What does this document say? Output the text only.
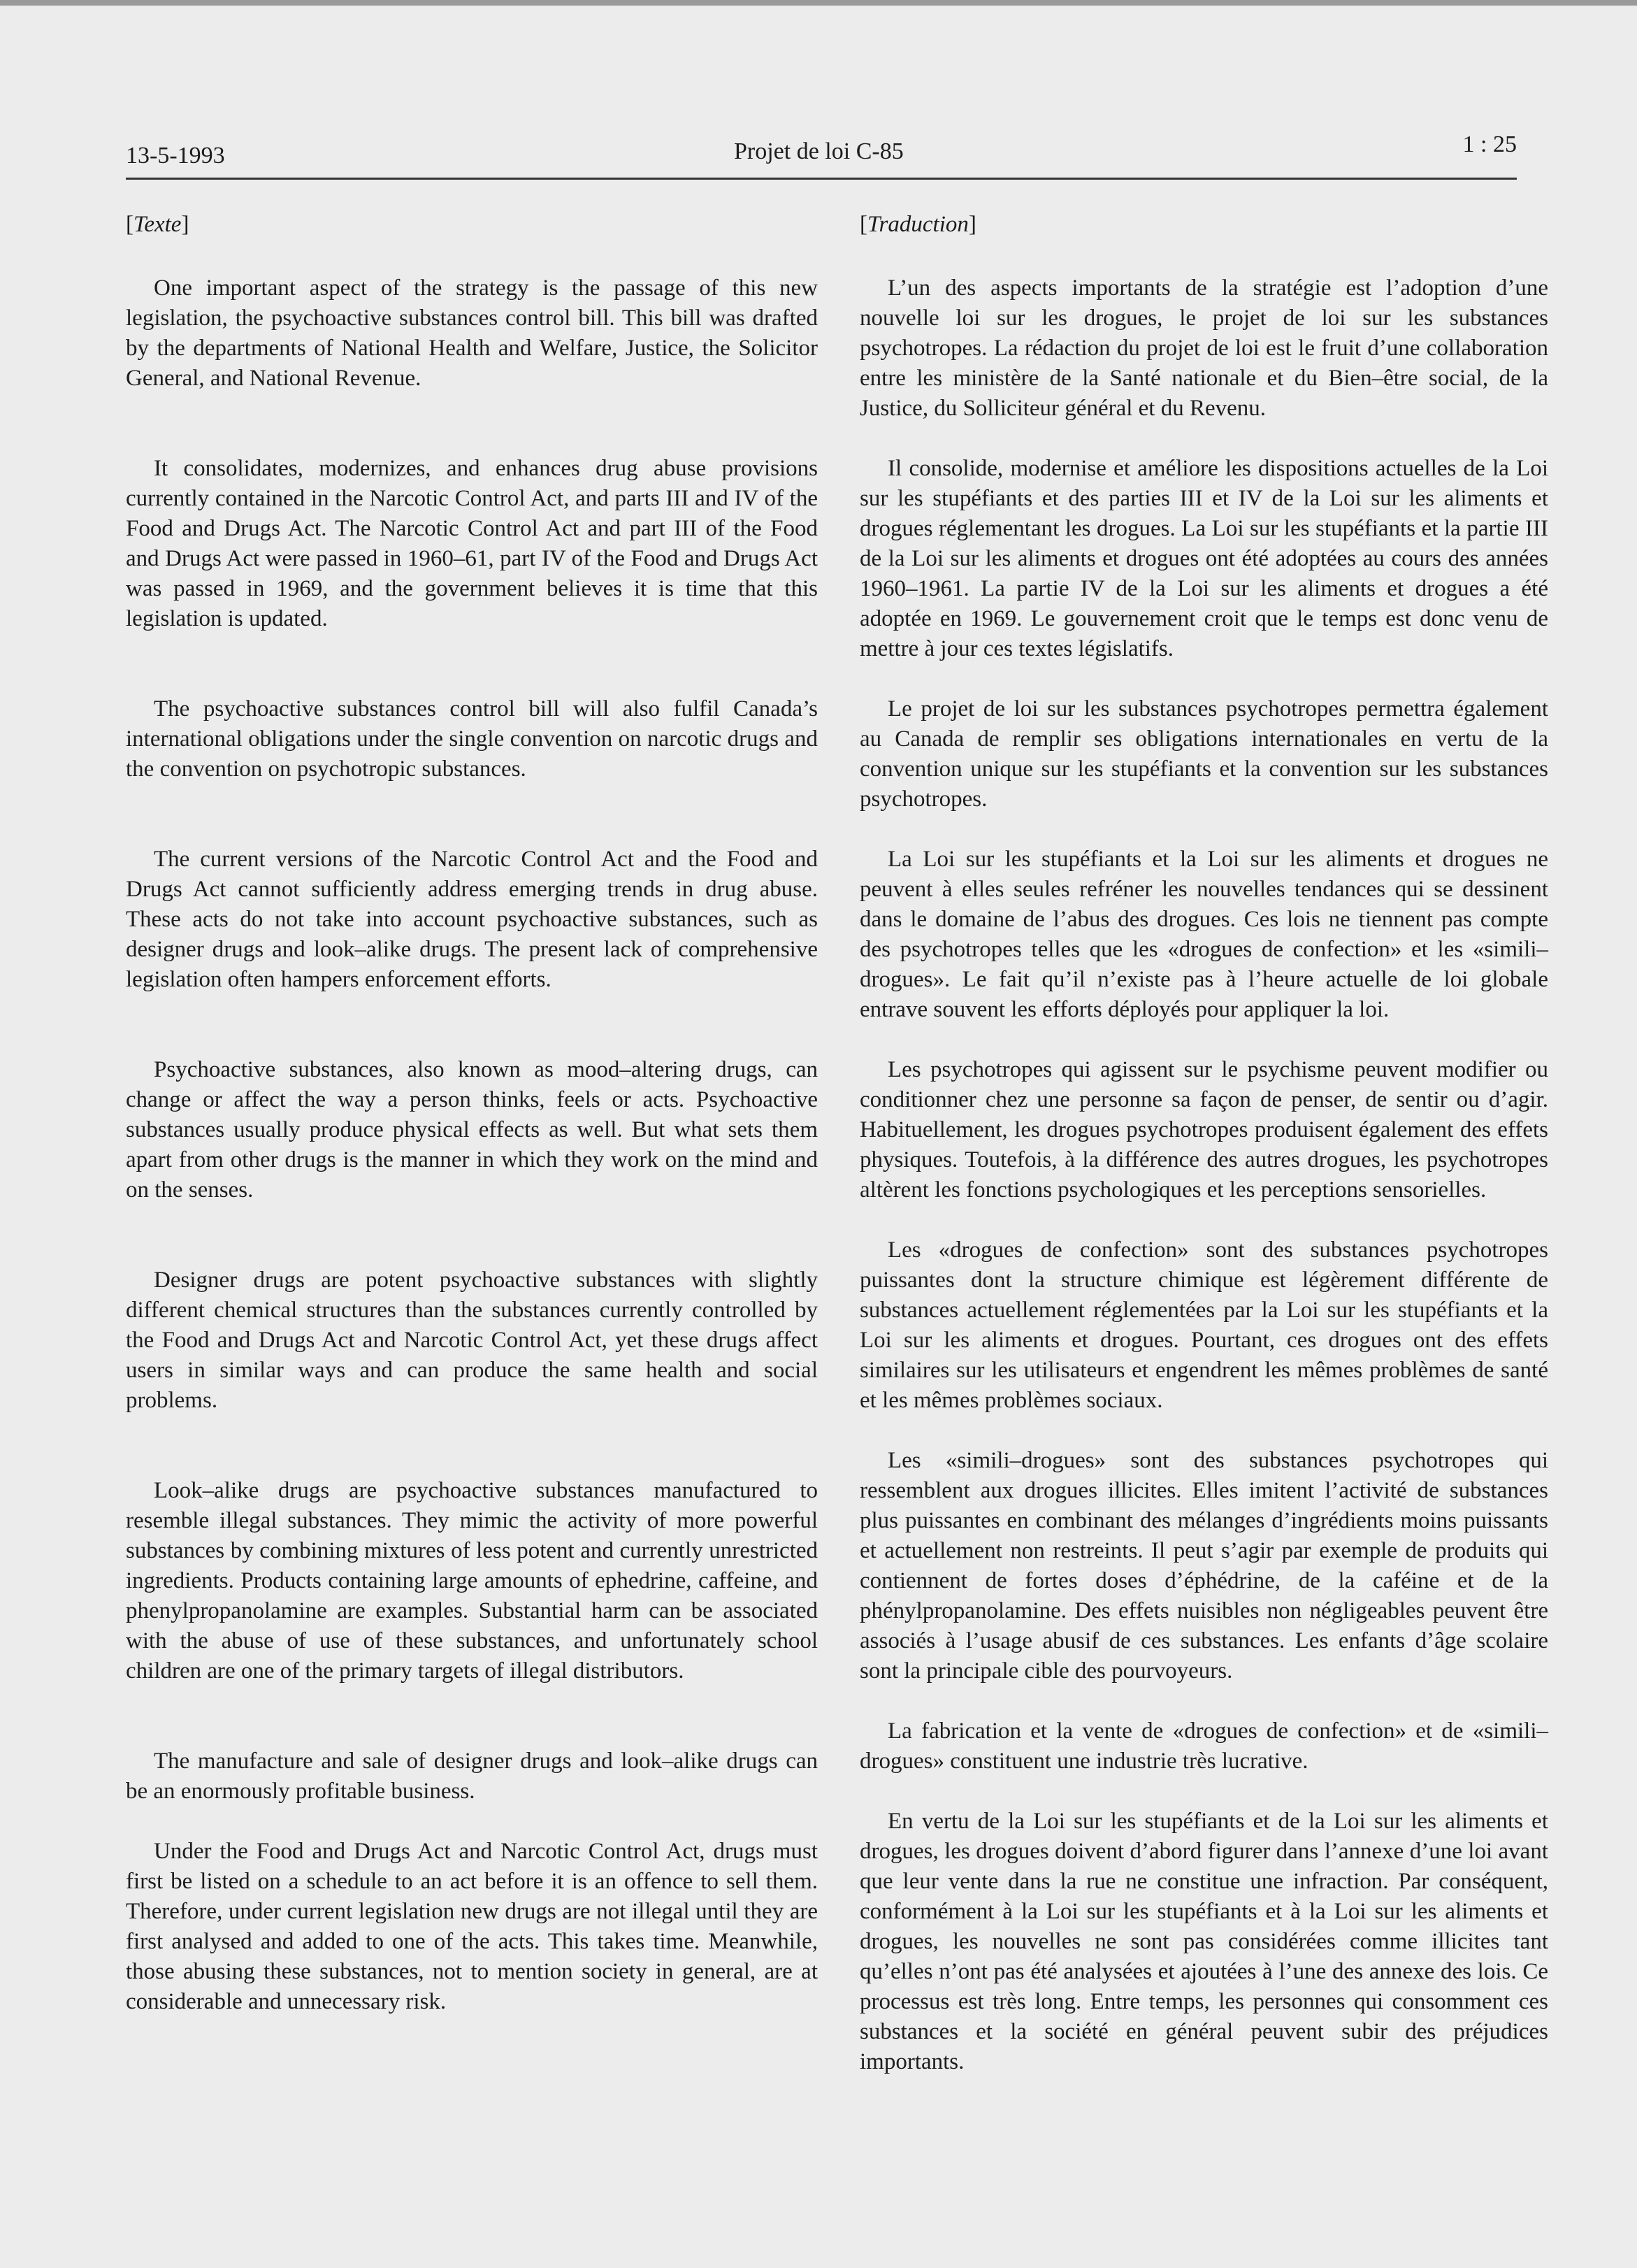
13-5-1993	Projet de loi C-85	1 : 25
[Texte]

One important aspect of the strategy is the passage of this new legislation, the psychoactive substances control bill. This bill was drafted by the departments of National Health and Welfare, Justice, the Solicitor General, and National Revenue.

It consolidates, modernizes, and enhances drug abuse provisions currently contained in the Narcotic Control Act, and parts III and IV of the Food and Drugs Act. The Narcotic Control Act and part III of the Food and Drugs Act were passed in 1960–61, part IV of the Food and Drugs Act was passed in 1969, and the government believes it is time that this legislation is updated.

The psychoactive substances control bill will also fulfil Canada’s international obligations under the single convention on narcotic drugs and the convention on psychotropic substances.

The current versions of the Narcotic Control Act and the Food and Drugs Act cannot sufficiently address emerging trends in drug abuse. These acts do not take into account psychoactive substances, such as designer drugs and look–alike drugs. The present lack of comprehensive legislation often hampers enforcement efforts.

Psychoactive substances, also known as mood–altering drugs, can change or affect the way a person thinks, feels or acts. Psychoactive substances usually produce physical effects as well. But what sets them apart from other drugs is the manner in which they work on the mind and on the senses.

Designer drugs are potent psychoactive substances with slightly different chemical structures than the substances currently controlled by the Food and Drugs Act and Narcotic Control Act, yet these drugs affect users in similar ways and can produce the same health and social problems.

Look–alike drugs are psychoactive substances manufactured to resemble illegal substances. They mimic the activity of more powerful substances by combining mixtures of less potent and currently unrestricted ingredients. Products containing large amounts of ephedrine, caffeine, and phenylpropanolamine are examples. Substantial harm can be associated with the abuse of use of these substances, and unfortunately school children are one of the primary targets of illegal distributors.

The manufacture and sale of designer drugs and look–alike drugs can be an enormously profitable business.

Under the Food and Drugs Act and Narcotic Control Act, drugs must first be listed on a schedule to an act before it is an offence to sell them. Therefore, under current legislation new drugs are not illegal until they are first analysed and added to one of the acts. This takes time. Meanwhile, those abusing these substances, not to mention society in general, are at considerable and unnecessary risk.

[Traduction]

L’un des aspects importants de la stratégie est l’adoption d’une nouvelle loi sur les drogues, le projet de loi sur les substances psychotropes. La rédaction du projet de loi est le fruit d’une collaboration entre les ministère de la Santé nationale et du Bien–être social, de la Justice, du Solliciteur général et du Revenu.

Il consolide, modernise et améliore les dispositions actuelles de la Loi sur les stupéfiants et des parties III et IV de la Loi sur les aliments et drogues réglementant les drogues. La Loi sur les stupéfiants et la partie III de la Loi sur les aliments et drogues ont été adoptées au cours des années 1960–1961. La partie IV de la Loi sur les aliments et drogues a été adoptée en 1969. Le gouvernement croit que le temps est donc venu de mettre à jour ces textes législatifs.

Le projet de loi sur les substances psychotropes permettra également au Canada de remplir ses obligations internationales en vertu de la convention unique sur les stupéfiants et la convention sur les substances psychotropes.

La Loi sur les stupéfiants et la Loi sur les aliments et drogues ne peuvent à elles seules refréner les nouvelles tendances qui se dessinent dans le domaine de l’abus des drogues. Ces lois ne tiennent pas compte des psychotropes telles que les «drogues de confection» et les «simili–drogues». Le fait qu’il n’existe pas à l’heure actuelle de loi globale entrave souvent les efforts déployés pour appliquer la loi.

Les psychotropes qui agissent sur le psychisme peuvent modifier ou conditionner chez une personne sa façon de penser, de sentir ou d’agir. Habituellement, les drogues psychotropes produisent également des effets physiques. Toutefois, à la différence des autres drogues, les psychotropes altèrent les fonctions psychologiques et les perceptions sensorielles.

Les «drogues de confection» sont des substances psychotropes puissantes dont la structure chimique est légèrement différente de substances actuellement réglementées par la Loi sur les stupéfiants et la Loi sur les aliments et drogues. Pourtant, ces drogues ont des effets similaires sur les utilisateurs et engendrent les mêmes problèmes de santé et les mêmes problèmes sociaux.

Les «simili–drogues» sont des substances psychotropes qui ressemblent aux drogues illicites. Elles imitent l’activité de substances plus puissantes en combinant des mélanges d’ingrédients moins puissants et actuellement non restreints. Il peut s’agir par exemple de produits qui contiennent de fortes doses d’éphédrine, de la caféine et de la phénylpropanolamine. Des effets nuisibles non négligeables peuvent être associés à l’usage abusif de ces substances. Les enfants d’âge scolaire sont la principale cible des pourvoyeurs.

La fabrication et la vente de «drogues de confection» et de «simili–drogues» constituent une industrie très lucrative.

En vertu de la Loi sur les stupéfiants et de la Loi sur les aliments et drogues, les drogues doivent d’abord figurer dans l’annexe d’une loi avant que leur vente dans la rue ne constitue une infraction. Par conséquent, conformément à la Loi sur les stupéfiants et à la Loi sur les aliments et drogues, les nouvelles ne sont pas considérées comme illicites tant qu’elles n’ont pas été analysées et ajoutées à l’une des annexe des lois. Ce processus est très long. Entre temps, les personnes qui consomment ces substances et la société en général peuvent subir des préjudices importants.
